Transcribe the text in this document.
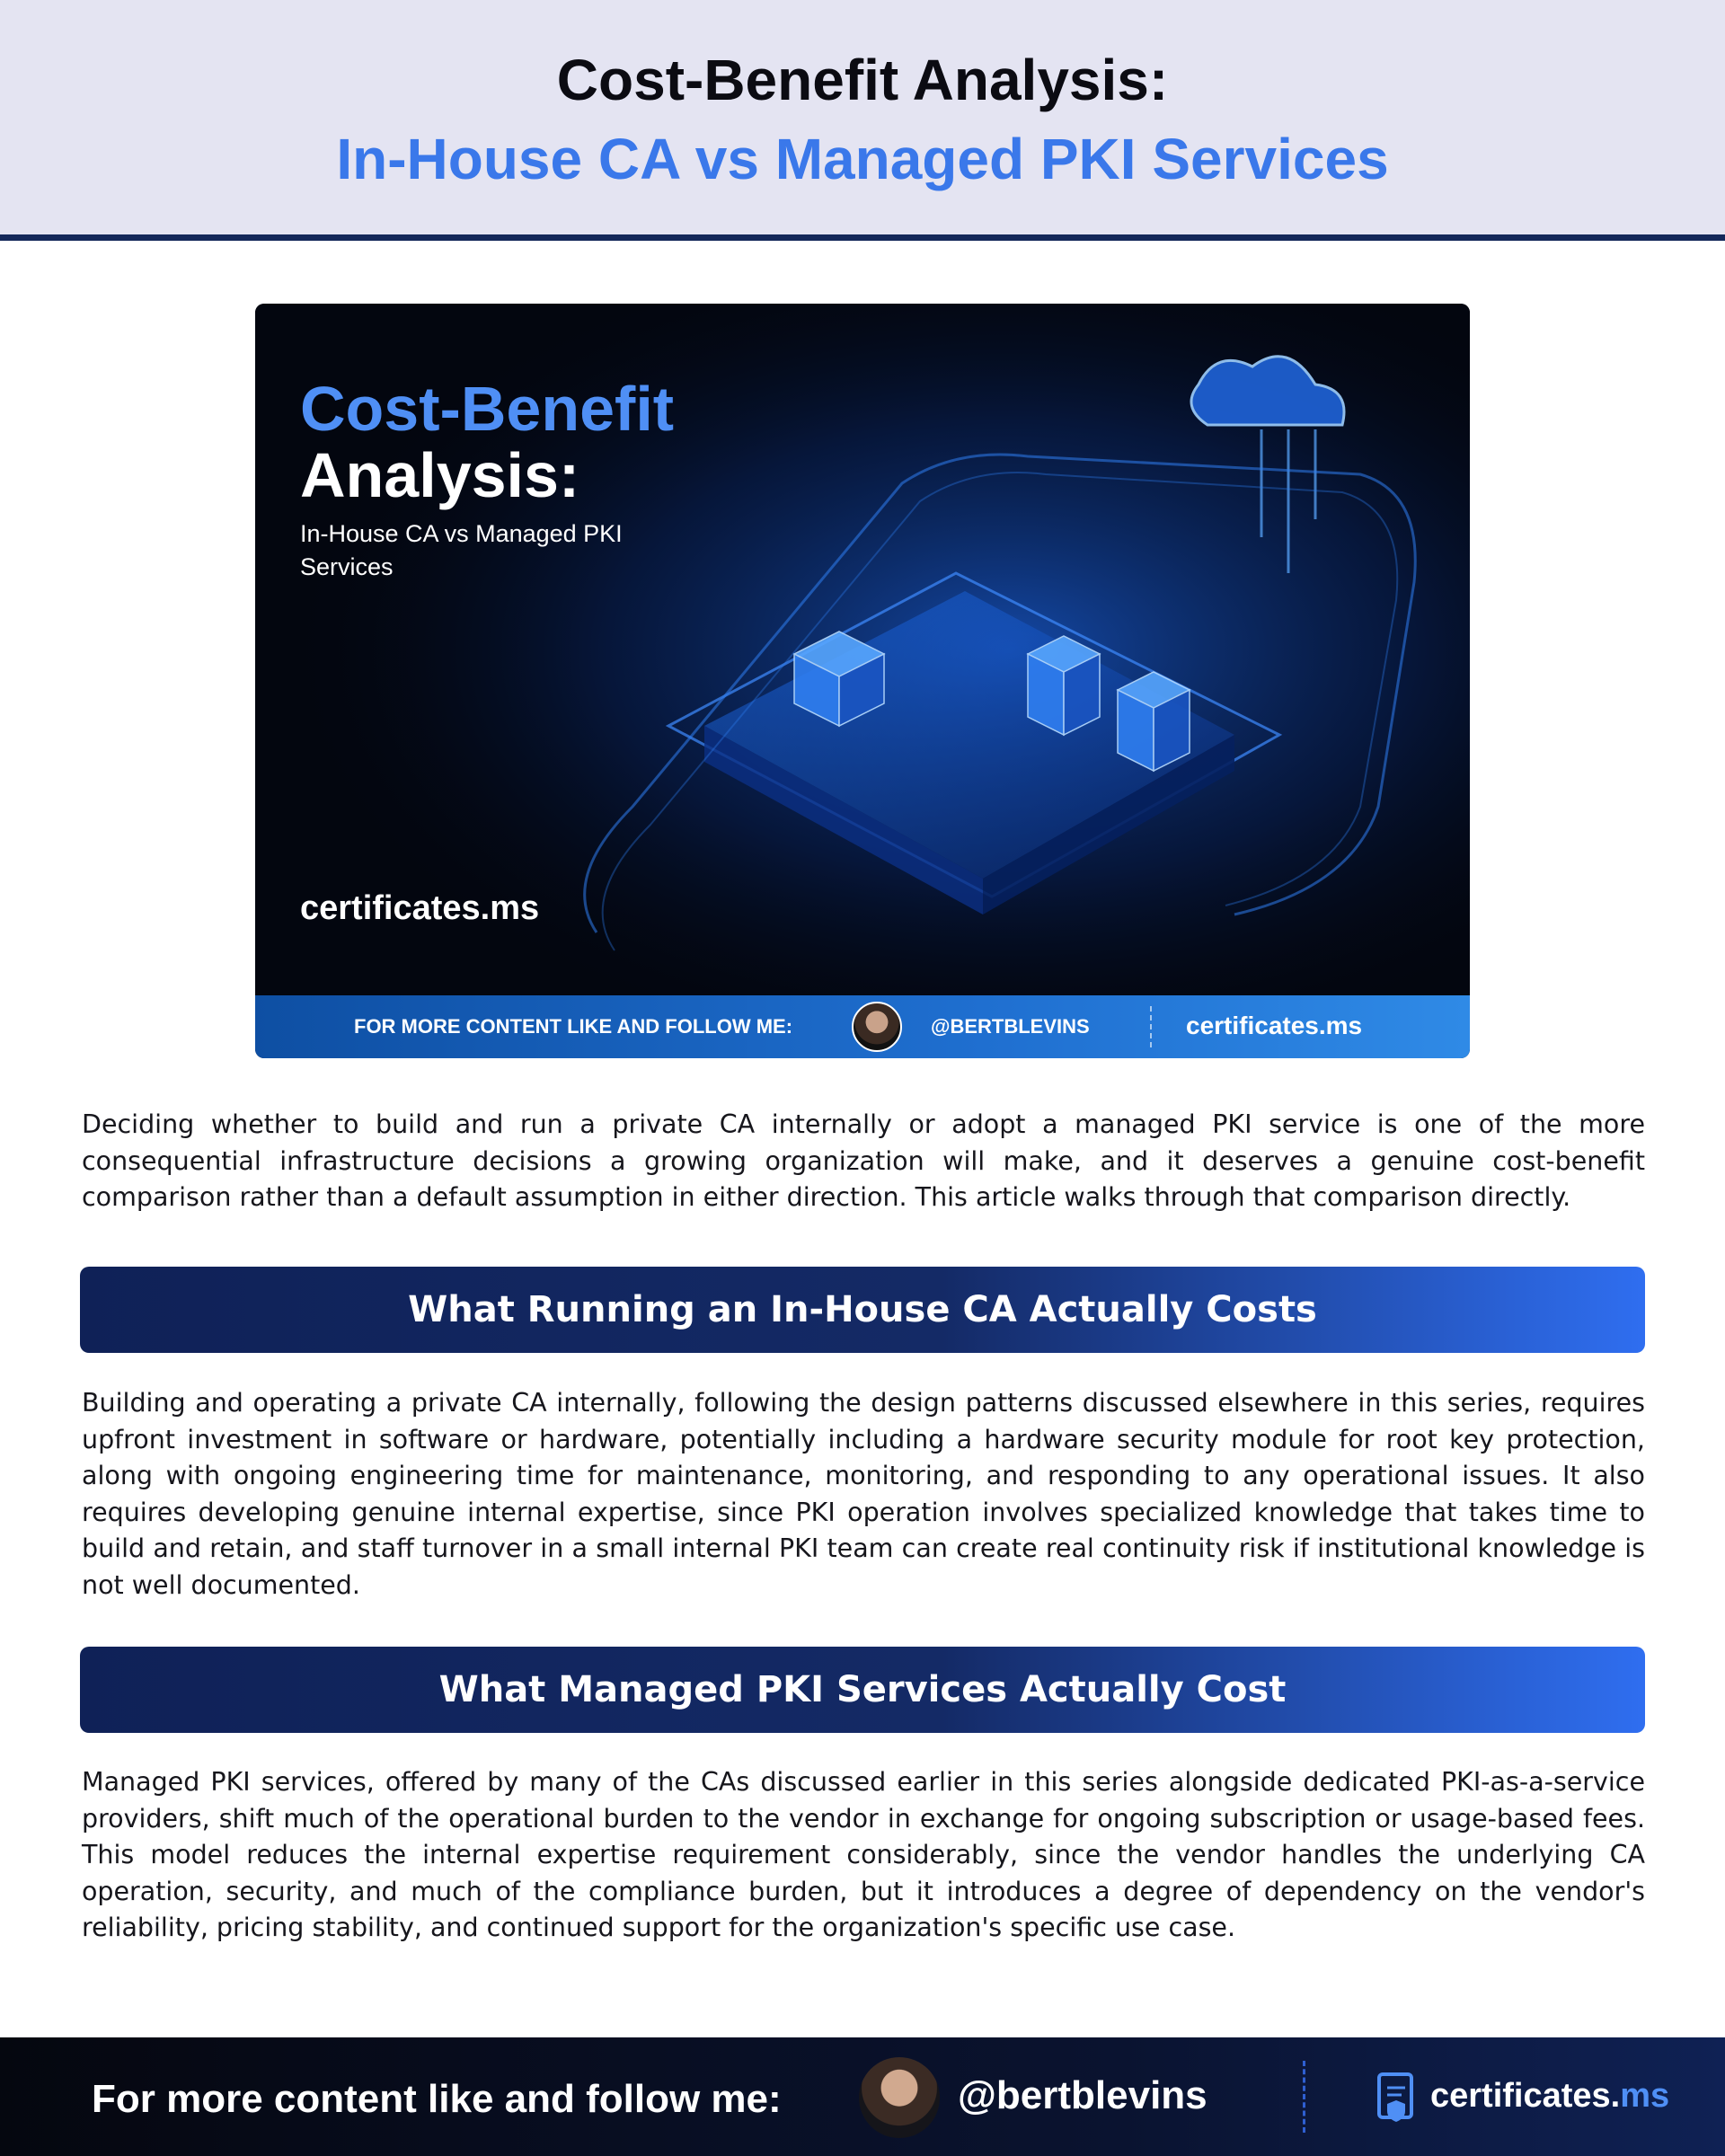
Cost-Benefit Analysis:
In-House CA vs Managed PKI Services
Cost-Benefit
Analysis:
In-House CA vs Managed PKI Services
certificates.ms
FOR MORE CONTENT LIKE AND FOLLOW ME:	@BERTBLEVINS	certificates.ms
Deciding whether to build and run a private CA internally or adopt a managed PKI service is one of the more consequential infrastructure decisions a growing organization will make, and it deserves a genuine cost-benefit comparison rather than a default assumption in either direction. This article walks through that comparison directly.
What Running an In-House CA Actually Costs
Building and operating a private CA internally, following the design patterns discussed elsewhere in this series, requires upfront investment in software or hardware, potentially including a hardware security module for root key protection, along with ongoing engineering time for maintenance, monitoring, and responding to any operational issues. It also requires developing genuine internal expertise, since PKI operation involves specialized knowledge that takes time to build and retain, and staff turnover in a small internal PKI team can create real continuity risk if institutional knowledge is not well documented.
What Managed PKI Services Actually Cost
Managed PKI services, offered by many of the CAs discussed earlier in this series alongside dedicated PKI-as-a-service providers, shift much of the operational burden to the vendor in exchange for ongoing subscription or usage-based fees. This model reduces the internal expertise requirement considerably, since the vendor handles the underlying CA operation, security, and much of the compliance burden, but it introduces a degree of dependency on the vendor's reliability, pricing stability, and continued support for the organization's specific use case.
For more content like and follow me:	@bertblevins	certificates.ms
